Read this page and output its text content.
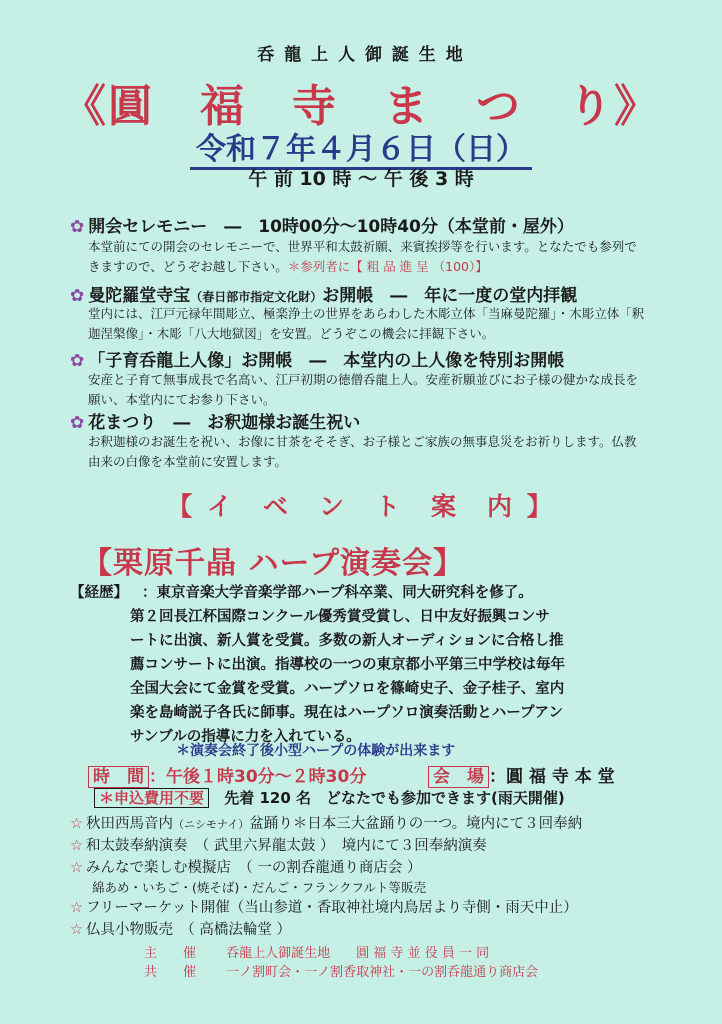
呑 龍 上 人 御 誕 生 地
《圓　福　寺　ま　つ　り》
令和７年４月６日（日）
午 前 10 時 〜 午 後 3 時
✿ 開会セレモニー　―　10時00分〜10時40分（本堂前・屋外）
本堂前にての開会のセレモニーで、世界平和太鼓祈願、来賓挨拶等を行います。となたでも参列できますので、どうぞお越し下さい。＊参列者に【 粗 品 進 呈 （100）】
✿ 曼陀羅堂寺宝（春日部市指定文化財）お開帳　―　年に一度の堂内拝観
堂内には、江戸元禄年間彫立、極楽浄土の世界をあらわした木彫立体「当麻曼陀羅」・木彫立体「釈迦涅槃像」・木彫「八大地獄図」を安置。どうぞこの機会に拝観下さい。
✿ 「子育呑龍上人像」お開帳　―　本堂内の上人像を特別お開帳
安産と子育て無事成長で名高い、江戸初期の徳僧呑龍上人。安産祈願並びにお子様の健かな成長を願い、本堂内にてお参り下さい。
✿ 花まつり　―　お釈迦様お誕生祝い
お釈迦様のお誕生を祝い、お像に甘茶をそそぎ、お子様とご家族の無事息災をお祈りします。仏教由来の白像を本堂前に安置します。
【 イ　ベ　ン　ト　案　内 】
【栗原千晶 ハープ演奏会】
【経歴】 ：東京音楽大学音楽学部ハープ科卒業、同大研究科を修了。
第２回長江杯国際コンクール優秀賞受賞し、日中友好振興コンサ
ートに出演、新人賞を受賞。多数の新人オーディションに合格し推
薦コンサートに出演。指導校の一つの東京都小平第三中学校は毎年
全国大会にて金賞を受賞。ハープソロを篠崎史子、金子桂子、室内
楽を島崎説子各氏に師事。現在はハープソロ演奏活動とハープアン
サンブルの指導に力を入れている。
＊演奏会終了後小型ハープの体験が出来ます
時　間 ：午後１時30分〜２時30分	会　場 ：圓 福 寺 本 堂
＊申込費用不要 先着 120 名　どなたでも参加できます(雨天開催)
☆ 秋田西馬音内（ニシモナイ）盆踊り＊日本三大盆踊りの一つ。境内にて３回奉納
☆ 和太鼓奉納演奏　（ 武里六昇龍太鼓 ）　境内にて３回奉納演奏
☆ みんなで楽しむ模擬店　（ 一の割呑龍通り商店会 ）
綿あめ・いちご・(焼そば)・だんご・フランクフルト等販売
☆ フリーマーケット開催（当山参道・香取神社境内鳥居より寺側・雨天中止）
☆ 仏具小物販売　（ 高橋法輪堂 ）
主　　催 呑龍上人御誕生地　　圓 福 寺 並 役 員 一 同
共　　催 一ノ割町会・一ノ割香取神社・一の割呑龍通り商店会
